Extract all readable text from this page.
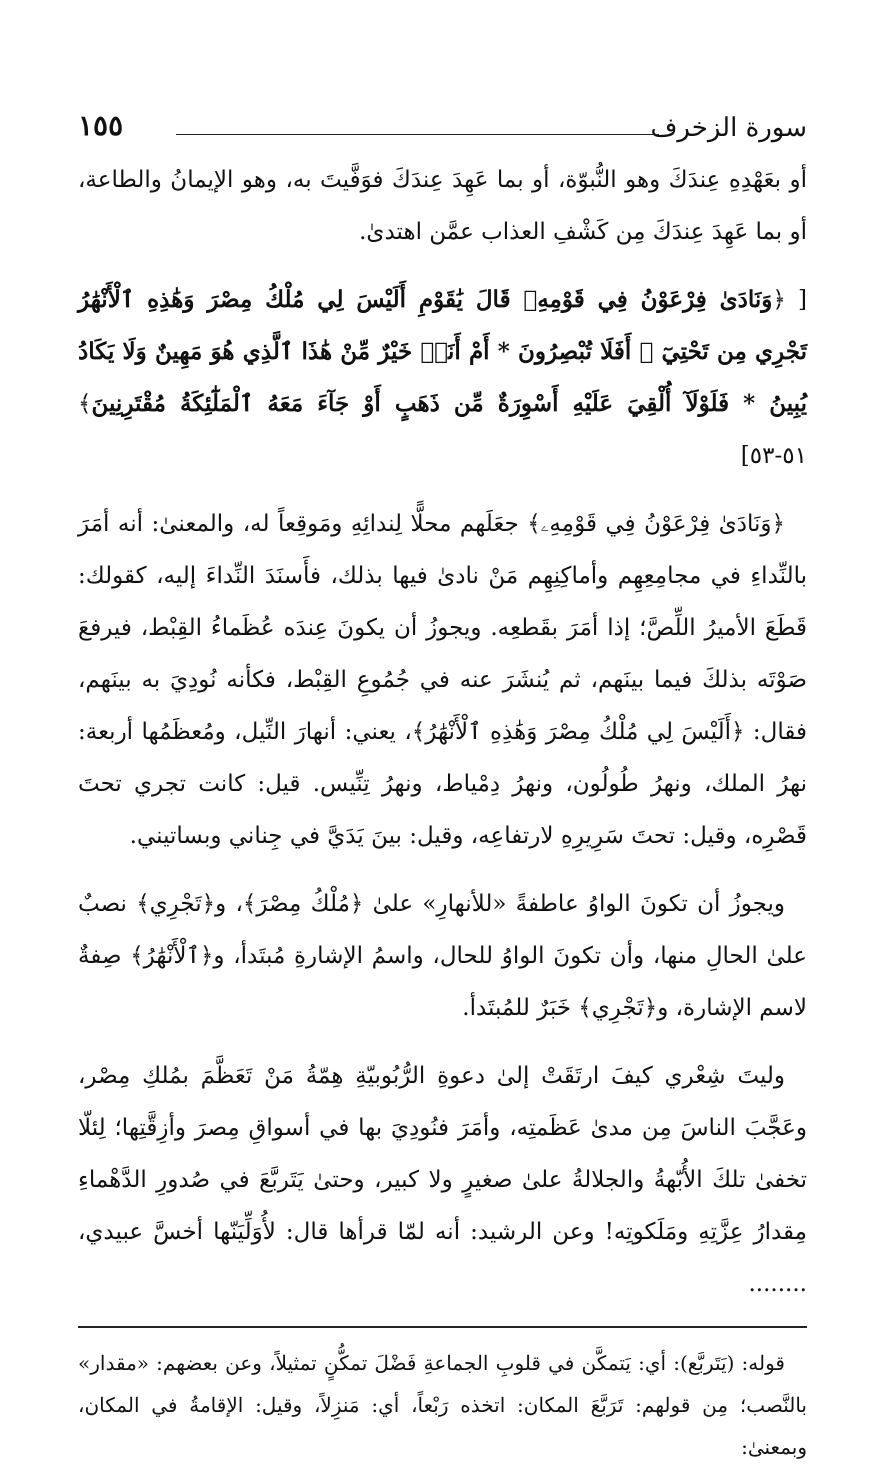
سورة الزخرف
١٥٥

أو بعَهْدِهِ عِندَكَ وهو النُّبوّة، أو بما عَهِدَ عِندَكَ فوَفَّيتَ به، وهو الإيمانُ والطاعة، أو بما عَهِدَ عِندَكَ مِن كَشْفِ العذاب عمَّن اهتدىٰ.

[ ﴿وَنَادَىٰ فِرْعَوْنُ فِي قَوْمِهِۦ قَالَ يَٰقَوْمِ أَلَيْسَ لِي مُلْكُ مِصْرَ وَهَٰذِهِ ٱلْأَنْهَٰرُ تَجْرِي مِن تَحْتِيٓ ۖ أَفَلَا تُبْصِرُونَ * أَمْ أَنَا۠ خَيْرٌ مِّنْ هَٰذَا ٱلَّذِي هُوَ مَهِينٌ وَلَا يَكَادُ يُبِينُ * فَلَوْلَآ أُلْقِيَ عَلَيْهِ أَسْوِرَةٌ مِّن ذَهَبٍ أَوْ جَآءَ مَعَهُ ٱلْمَلَٰٓئِكَةُ مُقْتَرِنِينَ﴾ ٥١-٥٣]

﴿وَنَادَىٰ فِرْعَوْنُ فِي قَوْمِهِۦ﴾ جعَلَهم محلًّا لِندائِهِ ومَوقِعاً له، والمعنىٰ: أنه أمَرَ بالنِّداءِ في مجامِعِهِم وأماكِنِهِم مَنْ نادىٰ فيها بذلك، فأَسنَدَ النِّداءَ إليه، كقولك: قَطَعَ الأميرُ اللِّصَّ؛ إذا أمَرَ بقَطعِه. ويجوزُ أن يكونَ عِندَه عُظَماءُ القِبْط، فيرفعَ صَوْتَه بذلكَ فيما بينَهم، ثم يُنشَرَ عنه في جُمُوعِ القِبْط، فكأنه نُودِيَ به بينَهم، فقال: ﴿أَلَيْسَ لِي مُلْكُ مِصْرَ وَهَٰذِهِ ٱلْأَنْهَٰرُ﴾، يعني: أنهارَ النِّيل، ومُعظَمُها أربعة: نهرُ الملك، ونهرُ طُولُون، ونهرُ دِمْياط، ونهرُ تِنِّيس. قيل: كانت تجري تحتَ قَصْرِه، وقيل: تحتَ سَرِيرِهِ لارتفاعِه، وقيل: بينَ يَدَيَّ في جِناني وبساتيني.

ويجوزُ أن تكونَ الواوُ عاطفةً «للأنهارِ» علىٰ ﴿مُلْكُ مِصْرَ﴾، و﴿تَجْرِي﴾ نصبٌ علىٰ الحالِ منها، وأن تكونَ الواوُ للحال، واسمُ الإشارةِ مُبتَدأ، و﴿ٱلْأَنْهَٰرُ﴾ صِفةٌ لاسم الإشارة، و﴿تَجْرِي﴾ خَبَرٌ للمُبتَدأ.

وليتَ شِعْري كيفَ ارتَقَتْ إلىٰ دعوةِ الرُّبُوبيّةِ هِمّةُ مَنْ تَعَظَّمَ بمُلكِ مِصْر، وعَجَّبَ الناسَ مِن مدىٰ عَظَمتِه، وأمَرَ فنُودِيَ بها في أسواقِ مِصرَ وأزِقَّتِها؛ لِئلّا تخفىٰ تلكَ الأُبّهةُ والجلالةُ علىٰ صغيرٍ ولا كبير، وحتىٰ يَتَربَّعَ في صُدورِ الدَّهْماءِ مِقدارُ عِزَّتِهِ ومَلَكوتِه! وعن الرشيد: أنه لمّا قرأها قال: لأُوَلِّيَنّها أخسَّ عبيدي، ........

قوله: (يَتَربَّع): أي: يَتمكَّن في قلوبِ الجماعةِ فَضْلَ تمكُّنٍ تمثيلاً، وعن بعضهم: «مقدار» بالنَّصب؛ مِن قولهم: تَرَبَّعَ المكان: اتخذه رَبْعاً، أي: مَنزِلاً، وقيل: الإقامةُ في المكان، وبمعنىٰ:
